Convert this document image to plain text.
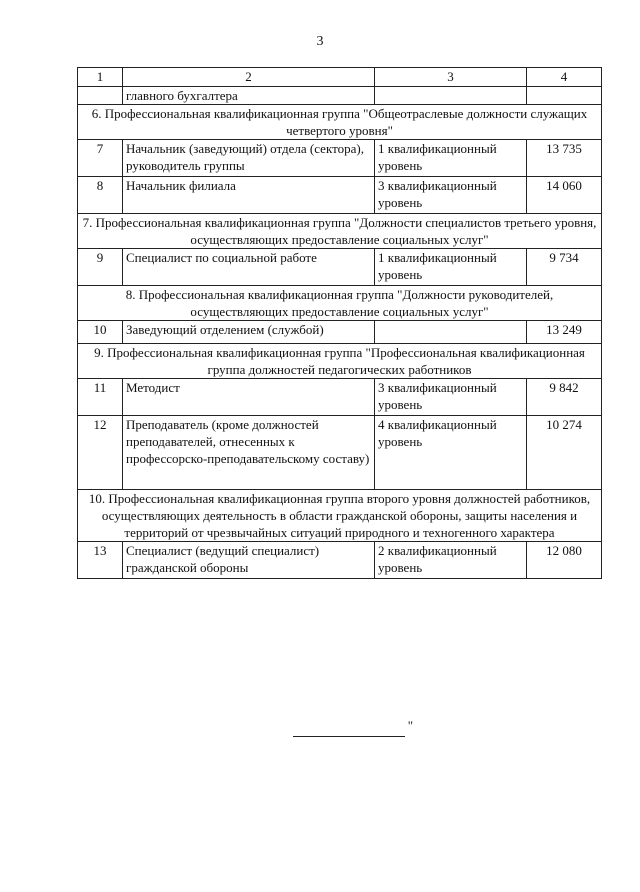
3
1	2	3	4
	главного бухгалтера		
6. Профессиональная квалификационная группа "Общеотраслевые должности служащих четвертого уровня"			
7	Начальник (заведующий) отдела (сектора), руководитель группы	1 квалификационный уровень	13 735
8	Начальник филиала	3 квалификационный уровень	14 060
7. Профессиональная квалификационная группа "Должности специалистов третьего уровня, осуществляющих предоставление социальных услуг"			
9	Специалист по социальной работе	1 квалификационный уровень	9 734
8. Профессиональная квалификационная группа "Должности руководителей, осуществляющих предоставление социальных услуг"			
10	Заведующий отделением (службой)		13 249
9. Профессиональная квалификационная группа "Профессиональная квалификационная группа должностей педагогических работников			
11	Методист	3 квалификационный уровень	9 842
12	Преподаватель (кроме должностей преподавателей, отнесенных к профессорско-преподавательскому составу)	4 квалификационный уровень	10 274
10. Профессиональная квалификационная группа второго уровня должностей работников, осуществляющих деятельность в области гражданской обороны, защиты населения и территорий от чрезвычайных ситуаций природного и техногенного характера			
13	Специалист (ведущий специалист) гражданской обороны	2 квалификационный уровень	12 080
"
